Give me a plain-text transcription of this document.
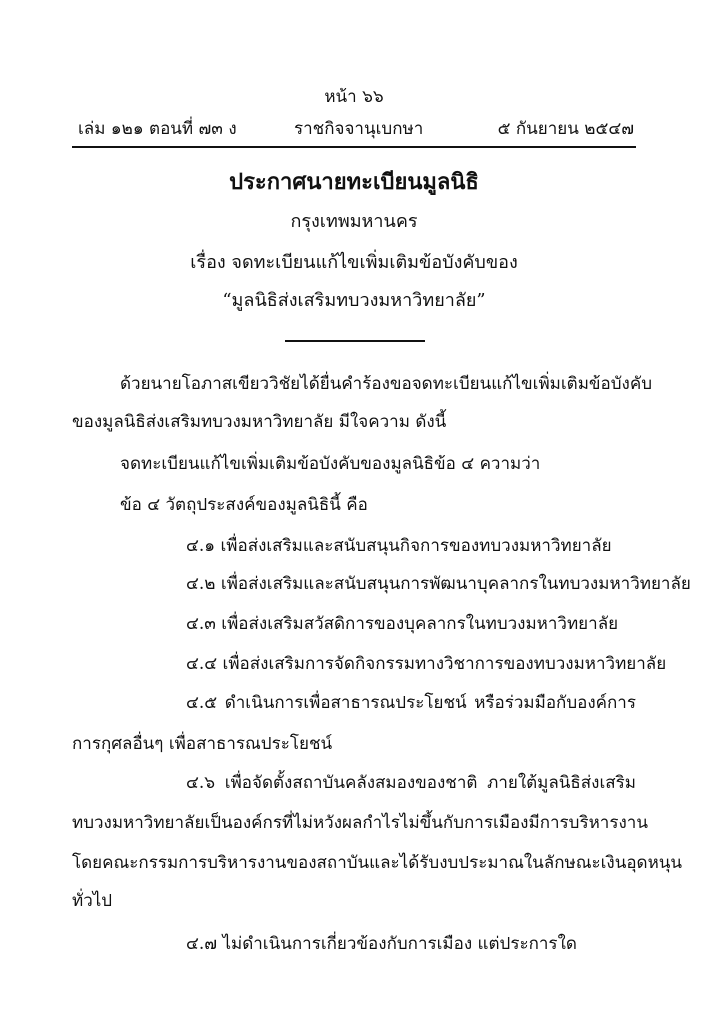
หน้า ๖๖
เล่ม ๑๒๑ ตอนที่ ๗๓ ง	ราชกิจจานุเบกษา	๕ กันยายน ๒๕๔๗
ประกาศนายทะเบียนมูลนิธิ
กรุงเทพมหานคร
เรื่อง จดทะเบียนแก้ไขเพิ่มเติมข้อบังคับของ
“มูลนิธิส่งเสริมทบวงมหาวิทยาลัย”
ด้วย นายโอภาส เขียววิชัย ได้ยื่นคำร้องขอจดทะเบียนแก้ไขเพิ่มเติมข้อบังคับ
ของมูลนิธิส่งเสริมทบวงมหาวิทยาลัย มีใจความ ดังนี้
จดทะเบียนแก้ไขเพิ่มเติมข้อบังคับของมูลนิธิข้อ ๔ ความว่า
ข้อ ๔ วัตถุประสงค์ของมูลนิธินี้ คือ
๔.๑ เพื่อส่งเสริมและสนับสนุนกิจการของทบวงมหาวิทยาลัย
๔.๒ เพื่อส่งเสริมและสนับสนุนการพัฒนาบุคลากรในทบวงมหาวิทยาลัย
๔.๓ เพื่อส่งเสริมสวัสดิการของบุคลากรในทบวงมหาวิทยาลัย
๔.๔ เพื่อส่งเสริมการจัดกิจกรรมทางวิชาการของทบวงมหาวิทยาลัย
๔.๕ ดำเนินการเพื่อสาธารณประโยชน์ หรือร่วมมือกับองค์การ
การกุศลอื่นๆ เพื่อสาธารณประโยชน์
๔.๖ เพื่อจัดตั้งสถาบันคลังสมองของชาติ ภายใต้มูลนิธิส่งเสริม
ทบวงมหาวิทยาลัย เป็นองค์กรที่ไม่หวังผลกำไร ไม่ขึ้นกับการเมือง มีการบริหารงาน
โดยคณะกรรมการบริหารงานของสถาบัน และได้รับงบประมาณในลักษณะเงินอุดหนุน
ทั่วไป
๔.๗ ไม่ดำเนินการเกี่ยวข้องกับการเมือง แต่ประการใด
